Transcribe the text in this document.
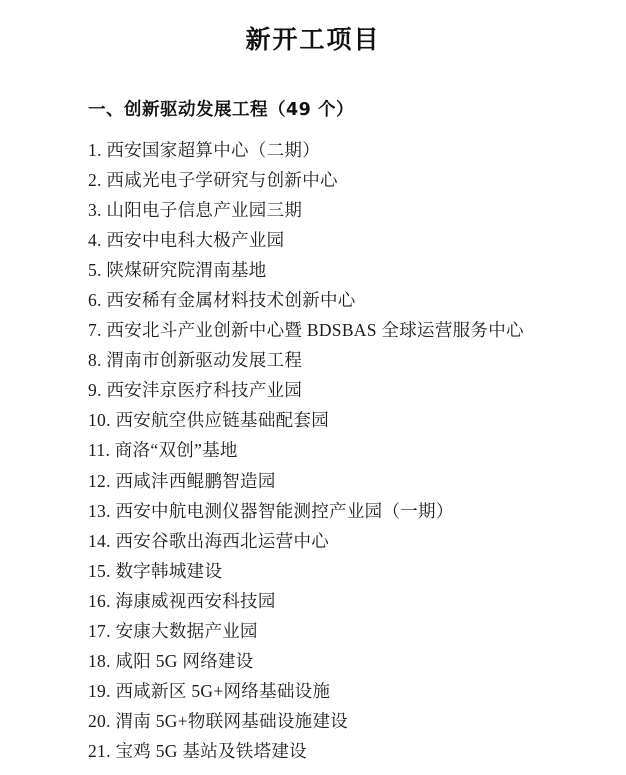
新开工项目
一、创新驱动发展工程（49 个）
1. 西安国家超算中心（二期）
2. 西咸光电子学研究与创新中心
3. 山阳电子信息产业园三期
4. 西安中电科大极产业园
5. 陕煤研究院渭南基地
6. 西安稀有金属材料技术创新中心
7. 西安北斗产业创新中心暨 BDSBAS 全球运营服务中心
8. 渭南市创新驱动发展工程
9. 西安沣京医疗科技产业园
10. 西安航空供应链基础配套园
11. 商洛“双创”基地
12. 西咸沣西鲲鹏智造园
13. 西安中航电测仪器智能测控产业园（一期）
14. 西安谷歌出海西北运营中心
15. 数字韩城建设
16. 海康威视西安科技园
17. 安康大数据产业园
18. 咸阳 5G 网络建设
19. 西咸新区 5G+网络基础设施
20. 渭南 5G+物联网基础设施建设
21. 宝鸡 5G 基站及铁塔建设
